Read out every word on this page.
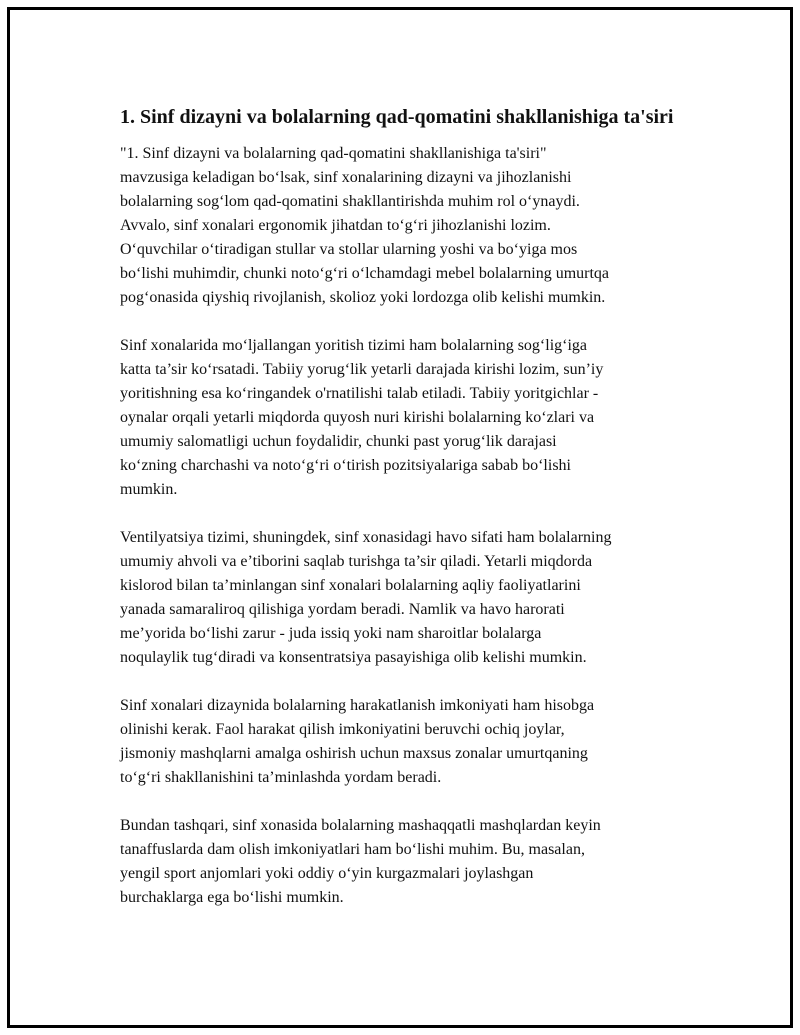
1. Sinf dizayni va bolalarning qad-qomatini shakllanishiga ta'siri

"1. Sinf dizayni va bolalarning qad-qomatini shakllanishiga ta'siri"
mavzusiga keladigan bo‘lsak, sinf xonalarining dizayni va jihozlanishi
bolalarning sog‘lom qad-qomatini shakllantirishda muhim rol o‘ynaydi.
Avvalo, sinf xonalari ergonomik jihatdan to‘g‘ri jihozlanishi lozim.
O‘quvchilar o‘tiradigan stullar va stollar ularning yoshi va bo‘yiga mos
bo‘lishi muhimdir, chunki noto‘g‘ri o‘lchamdagi mebel bolalarning umurtqa
pog‘onasida qiyshiq rivojlanish, skolioz yoki lordozga olib kelishi mumkin.

Sinf xonalarida mo‘ljallangan yoritish tizimi ham bolalarning sog‘lig‘iga
katta ta’sir ko‘rsatadi. Tabiiy yorug‘lik yetarli darajada kirishi lozim, sun’iy
yoritishning esa ko‘ringandek o'rnatilishi talab etiladi. Tabiiy yoritgichlar -
oynalar orqali yetarli miqdorda quyosh nuri kirishi bolalarning ko‘zlari va
umumiy salomatligi uchun foydalidir, chunki past yorug‘lik darajasi
ko‘zning charchashi va noto‘g‘ri o‘tirish pozitsiyalariga sabab bo‘lishi
mumkin.

Ventilyatsiya tizimi, shuningdek, sinf xonasidagi havo sifati ham bolalarning
umumiy ahvoli va e’tiborini saqlab turishga ta’sir qiladi. Yetarli miqdorda
kislorod bilan ta’minlangan sinf xonalari bolalarning aqliy faoliyatlarini
yanada samaraliroq qilishiga yordam beradi. Namlik va havo harorati
me’yorida bo‘lishi zarur - juda issiq yoki nam sharoitlar bolalarga
noqulaylik tug‘diradi va konsentratsiya pasayishiga olib kelishi mumkin.

Sinf xonalari dizaynida bolalarning harakatlanish imkoniyati ham hisobga
olinishi kerak. Faol harakat qilish imkoniyatini beruvchi ochiq joylar,
jismoniy mashqlarni amalga oshirish uchun maxsus zonalar umurtqaning
to‘g‘ri shakllanishini ta’minlashda yordam beradi.

Bundan tashqari, sinf xonasida bolalarning mashaqqatli mashqlardan keyin
tanaffuslarda dam olish imkoniyatlari ham bo‘lishi muhim. Bu, masalan,
yengil sport anjomlari yoki oddiy o‘yin kurgazmalari joylashgan
burchaklarga ega bo‘lishi mumkin.
